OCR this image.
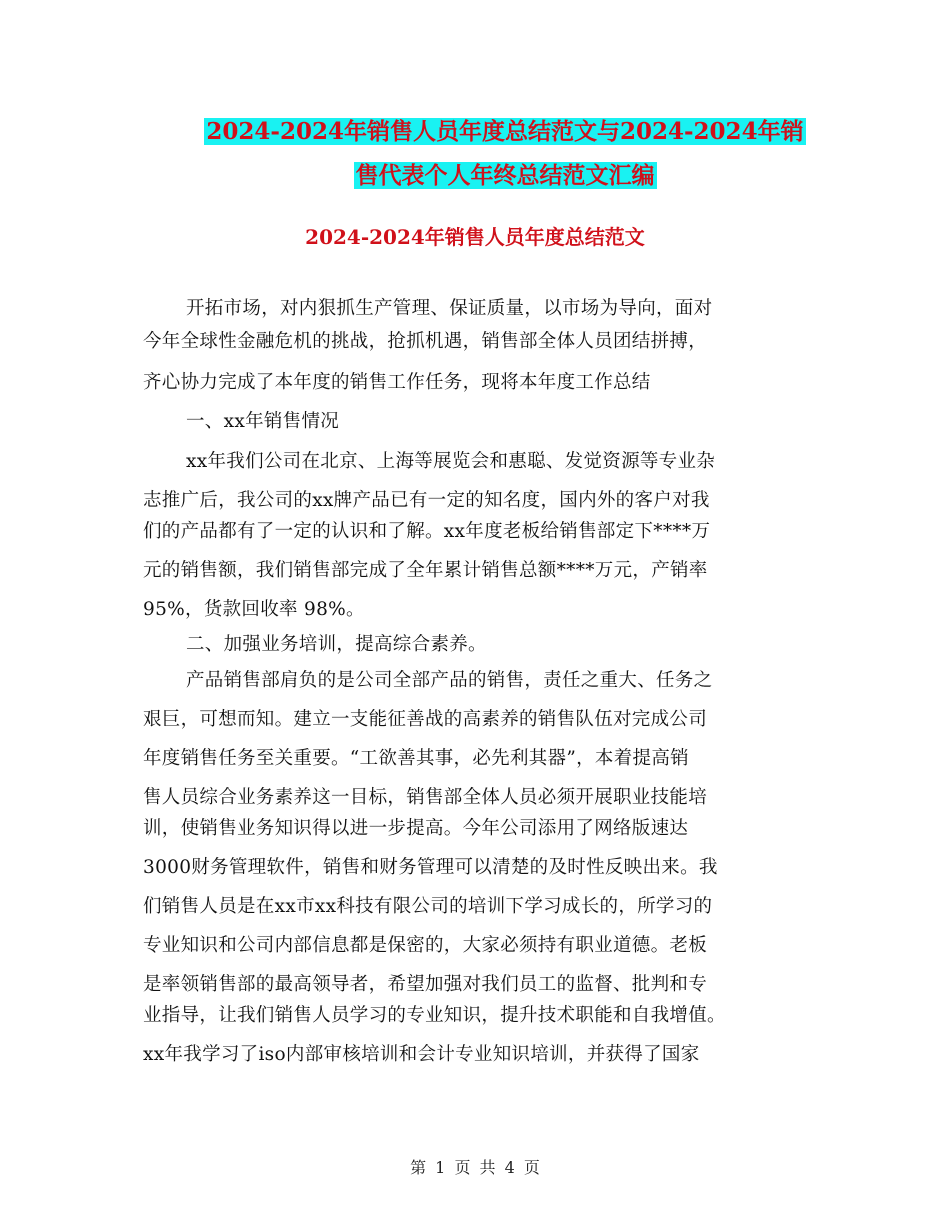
2024-2024年销售人员年度总结范文与2024-2024年销
售代表个人年终总结范文汇编
2024-2024年销售人员年度总结范文
开拓市场，对内狠抓生产管理、保证质量，以市场为导向，面对
今年全球性金融危机的挑战，抢抓机遇，销售部全体人员团结拼搏，
齐心协力完成了本年度的销售工作任务，现将本年度工作总结
一、xx年销售情况
xx年我们公司在北京、上海等展览会和惠聪、发觉资源等专业杂
志推广后，我公司的xx牌产品已有一定的知名度，国内外的客户对我
们的产品都有了一定的认识和了解。xx年度老板给销售部定下****万
元的销售额，我们销售部完成了全年累计销售总额****万元，产销率
95%，货款回收率 98%。
二、加强业务培训，提高综合素养。
产品销售部肩负的是公司全部产品的销售，责任之重大、任务之
艰巨，可想而知。建立一支能征善战的高素养的销售队伍对完成公司
年度销售任务至关重要。“工欲善其事，必先利其器”，本着提高销
售人员综合业务素养这一目标，销售部全体人员必须开展职业技能培
训，使销售业务知识得以进一步提高。今年公司添用了网络版速达
3000财务管理软件，销售和财务管理可以清楚的及时性反映出来。我
们销售人员是在xx市xx科技有限公司的培训下学习成长的，所学习的
专业知识和公司内部信息都是保密的，大家必须持有职业道德。老板
是率领销售部的最高领导者，希望加强对我们员工的监督、批判和专
业指导，让我们销售人员学习的专业知识，提升技术职能和自我增值。
xx年我学习了iso内部审核培训和会计专业知识培训，并获得了国家
第 1 页 共 4 页
